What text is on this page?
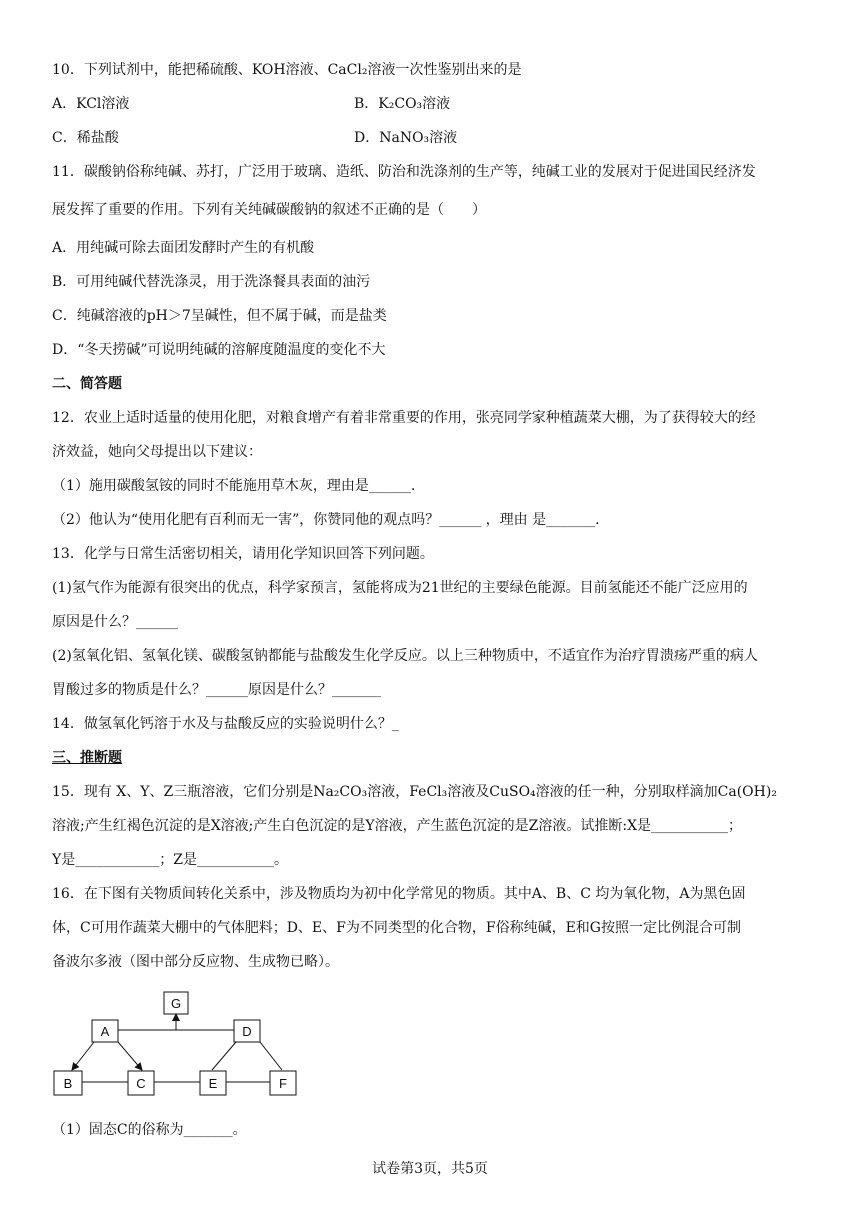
10．下列试剂中，能把稀硫酸、KOH溶液、CaCl₂溶液一次性鉴别出来的是
A．KCl溶液	B．K₂CO₃溶液
C．稀盐酸	D．NaNO₃溶液
11．碳酸钠俗称纯碱、苏打，广泛用于玻璃、造纸、防治和洗涤剂的生产等，纯碱工业的发展对于促进国民经济发
展发挥了重要的作用。下列有关纯碱碳酸钠的叙述不正确的是（　　）
A．用纯碱可除去面团发酵时产生的有机酸
B．可用纯碱代替洗涤灵，用于洗涤餐具表面的油污
C．纯碱溶液的pH＞7呈碱性，但不属于碱，而是盐类
D．“冬天捞碱”可说明纯碱的溶解度随温度的变化不大
二、简答题
12．农业上适时适量的使用化肥，对粮食增产有着非常重要的作用，张亮同学家种植蔬菜大棚，为了获得较大的经
济效益，她向父母提出以下建议：
（1）施用碳酸氢铵的同时不能施用草木灰，理由是______.
（2）他认为“使用化肥有百利而无一害”，你赞同他的观点吗？______ ，理由 是_______.
13．化学与日常生活密切相关，请用化学知识回答下列问题。
(1)氢气作为能源有很突出的优点，科学家预言，氢能将成为21世纪的主要绿色能源。目前氢能还不能广泛应用的
原因是什么？______
(2)氢氧化铝、氢氧化镁、碳酸氢钠都能与盐酸发生化学反应。以上三种物质中，不适宜作为治疗胃溃疡严重的病人
胃酸过多的物质是什么？______原因是什么？_______
14．做氢氧化钙溶于水及与盐酸反应的实验说明什么？_
三、推断题
15．现有 X、Y、Z三瓶溶液，它们分别是Na₂CO₃溶液，FeCl₃溶液及CuSO₄溶液的任一种，分别取样滴加Ca(OH)₂
溶液;产生红褐色沉淀的是X溶液;产生白色沉淀的是Y溶液，产生蓝色沉淀的是Z溶液。试推断:X是___________；
Y是____________；Z是___________。
16．在下图有关物质间转化关系中，涉及物质均为初中化学常见的物质。其中A、B、C 均为氧化物，A为黑色固
体，C可用作蔬菜大棚中的气体肥料；D、E、F为不同类型的化合物，F俗称纯碱，E和G按照一定比例混合可制
备波尔多液（图中部分反应物、生成物已略）。
G
A	D
B	C	E	F
（1）固态C的俗称为_______。
试卷第3页，共5页
